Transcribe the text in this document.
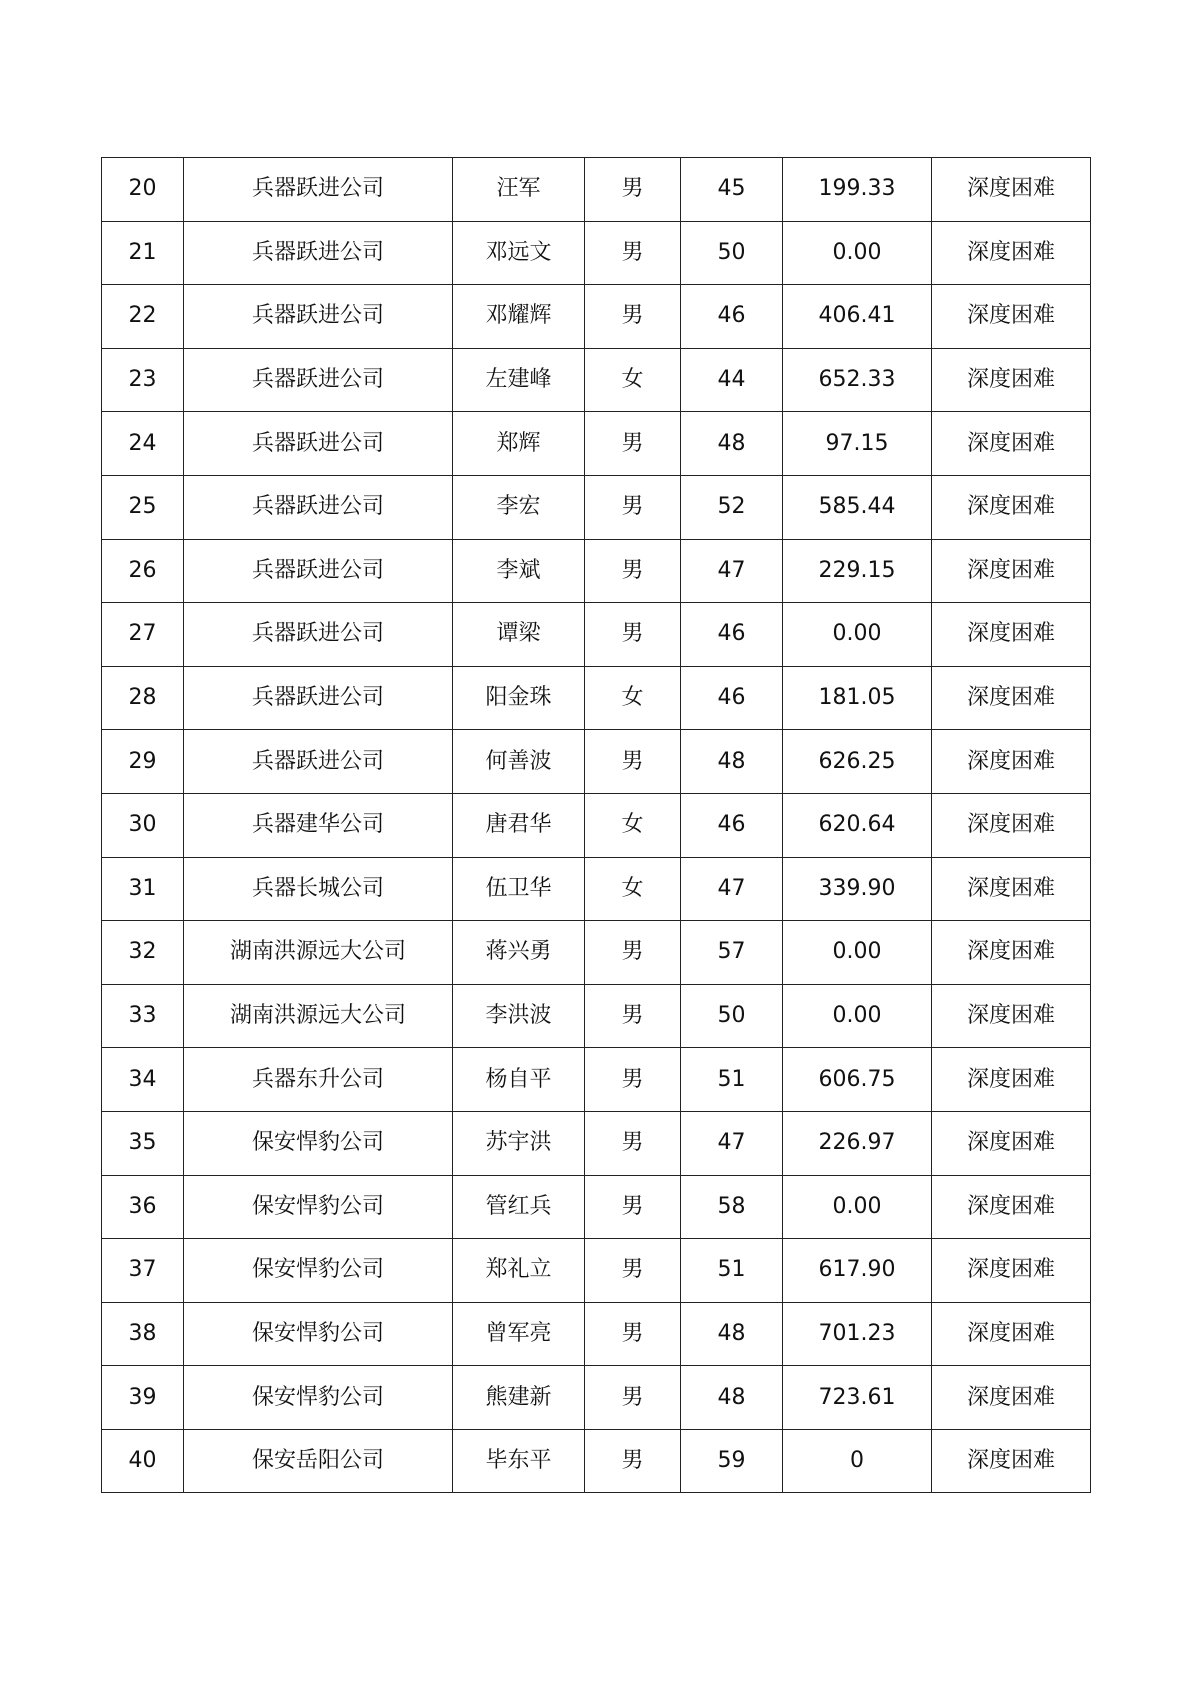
20	兵器跃进公司	汪军	男	45	199.33	深度困难
21	兵器跃进公司	邓远文	男	50	0.00	深度困难
22	兵器跃进公司	邓耀辉	男	46	406.41	深度困难
23	兵器跃进公司	左建峰	女	44	652.33	深度困难
24	兵器跃进公司	郑辉	男	48	97.15	深度困难
25	兵器跃进公司	李宏	男	52	585.44	深度困难
26	兵器跃进公司	李斌	男	47	229.15	深度困难
27	兵器跃进公司	谭梁	男	46	0.00	深度困难
28	兵器跃进公司	阳金珠	女	46	181.05	深度困难
29	兵器跃进公司	何善波	男	48	626.25	深度困难
30	兵器建华公司	唐君华	女	46	620.64	深度困难
31	兵器长城公司	伍卫华	女	47	339.90	深度困难
32	湖南洪源远大公司	蒋兴勇	男	57	0.00	深度困难
33	湖南洪源远大公司	李洪波	男	50	0.00	深度困难
34	兵器东升公司	杨自平	男	51	606.75	深度困难
35	保安悍豹公司	苏宇洪	男	47	226.97	深度困难
36	保安悍豹公司	管红兵	男	58	0.00	深度困难
37	保安悍豹公司	郑礼立	男	51	617.90	深度困难
38	保安悍豹公司	曾军亮	男	48	701.23	深度困难
39	保安悍豹公司	熊建新	男	48	723.61	深度困难
40	保安岳阳公司	毕东平	男	59	0	深度困难
